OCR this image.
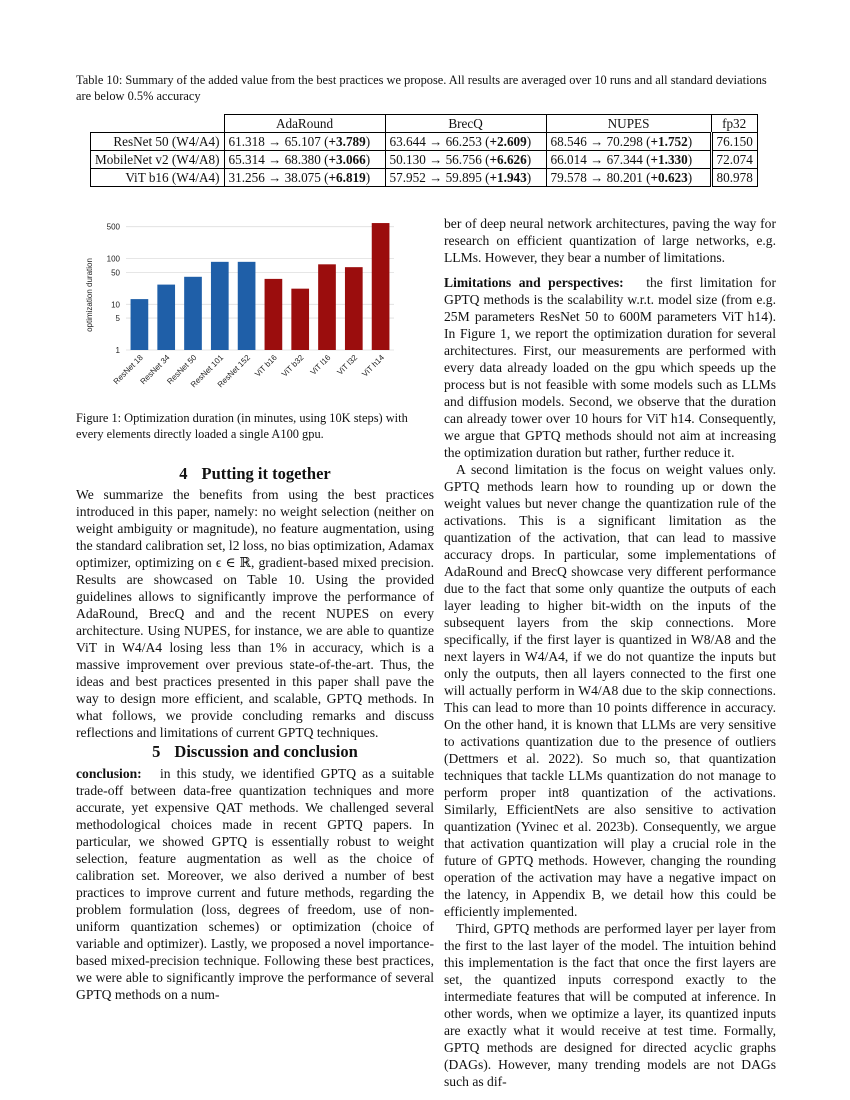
Table 10: Summary of the added value from the best practices we propose. All results are averaged over 10 runs and all standard deviations are below 0.5% accuracy
	AdaRound	BrecQ	NUPES	fp32
ResNet 50 (W4/A4)	61.318 → 65.107 (+3.789)	63.644 → 66.253 (+2.609)	68.546 → 70.298 (+1.752)	76.150
MobileNet v2 (W4/A8)	65.314 → 68.380 (+3.066)	50.130 → 56.756 (+6.626)	66.014 → 67.344 (+1.330)	72.074
ViT b16 (W4/A4)	31.256 → 38.075 (+6.819)	57.952 → 59.895 (+1.943)	79.578 → 80.201 (+0.623)	80.978
500
100
50
10
5
1
optimization duration
ResNet 18
ResNet 34
ResNet 50
ResNet 101
ResNet 152 ViT b16 ViT b32 ViT l16 ViT l32 ViT h14
Figure 1: Optimization duration (in minutes, using 10K steps) with every elements directly loaded a single A100 gpu.
4 Putting it together

We summarize the benefits from using the best practices introduced in this paper, namely: no weight selection (neither on weight ambiguity or magnitude), no feature augmentation, using the standard calibration set, l2 loss, no bias optimization, Adamax optimizer, optimizing on ϵ ∈ ℝ, gradient-based mixed precision. Results are showcased on Table 10. Using the provided guidelines allows to significantly improve the performance of AdaRound, BrecQ and and the recent NUPES on every architecture. Using NUPES, for instance, we are able to quantize ViT in W4/A4 losing less than 1% in accuracy, which is a massive improvement over previous state-of-the-art. Thus, the ideas and best practices presented in this paper shall pave the way to design more efficient, and scalable, GPTQ methods. In what follows, we provide concluding remarks and discuss reflections and limitations of current GPTQ techniques.

5 Discussion and conclusion

conclusion: in this study, we identified GPTQ as a suitable trade-off between data-free quantization techniques and more accurate, yet expensive QAT methods. We challenged several methodological choices made in recent GPTQ papers. In particular, we showed GPTQ is essentially robust to weight selection, feature augmentation as well as the choice of calibration set. Moreover, we also derived a number of best practices to improve current and future methods, regarding the problem formulation (loss, degrees of freedom, use of non-uniform quantization schemes) or optimization (choice of variable and optimizer). Lastly, we proposed a novel importance-based mixed-precision technique. Following these best practices, we were able to significantly improve the performance of several GPTQ methods on a num-

ber of deep neural network architectures, paving the way for research on efficient quantization of large networks, e.g. LLMs. However, they bear a number of limitations.

Limitations and perspectives: the first limitation for GPTQ methods is the scalability w.r.t. model size (from e.g. 25M parameters ResNet 50 to 600M parameters ViT h14). In Figure 1, we report the optimization duration for several architectures. First, our measurements are performed with every data already loaded on the gpu which speeds up the process but is not feasible with some models such as LLMs and diffusion models. Second, we observe that the duration can already tower over 10 hours for ViT h14. Consequently, we argue that GPTQ methods should not aim at increasing the optimization duration but rather, further reduce it.

A second limitation is the focus on weight values only. GPTQ methods learn how to rounding up or down the weight values but never change the quantization rule of the activations. This is a significant limitation as the quantization of the activation, that can lead to massive accuracy drops. In particular, some implementations of AdaRound and BrecQ showcase very different performance due to the fact that some only quantize the outputs of each layer leading to higher bit-width on the inputs of the subsequent layers from the skip connections. More specifically, if the first layer is quantized in W8/A8 and the next layers in W4/A4, if we do not quantize the inputs but only the outputs, then all layers connected to the first one will actually perform in W4/A8 due to the skip connections. This can lead to more than 10 points difference in accuracy. On the other hand, it is known that LLMs are very sensitive to activations quantization due to the presence of outliers (Dettmers et al. 2022). So much so, that quantization techniques that tackle LLMs quantization do not manage to perform proper int8 quantization of the activations. Similarly, EfficientNets are also sensitive to activation quantization (Yvinec et al. 2023b). Consequently, we argue that activation quantization will play a crucial role in the future of GPTQ methods. However, changing the rounding operation of the activation may have a negative impact on the latency, in Appendix B, we detail how this could be efficiently implemented.

Third, GPTQ methods are performed layer per layer from the first to the last layer of the model. The intuition behind this implementation is the fact that once the first layers are set, the quantized inputs correspond exactly to the intermediate features that will be computed at inference. In other words, when we optimize a layer, its quantized inputs are exactly what it would receive at test time. Formally, GPTQ methods are designed for directed acyclic graphs (DAGs). However, many trending models are not DAGs such as dif-
